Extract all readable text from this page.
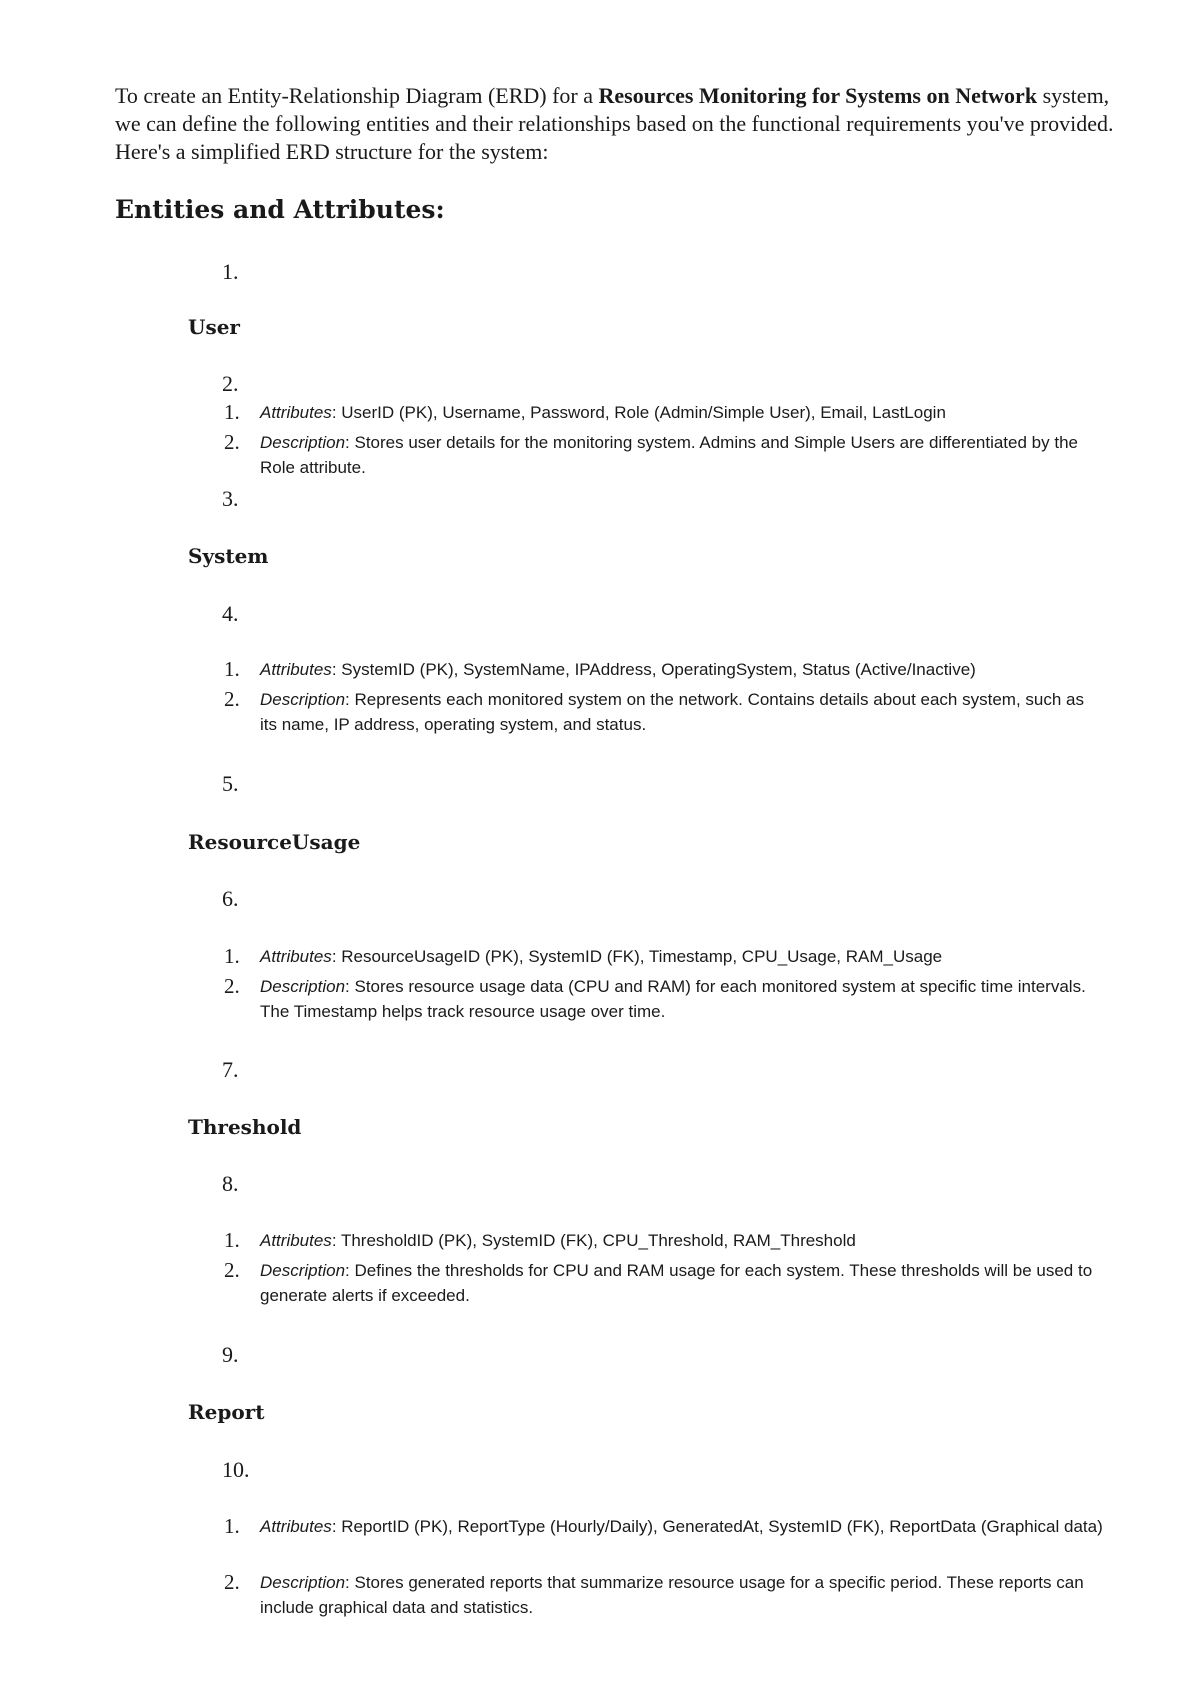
To create an Entity-Relationship Diagram (ERD) for a Resources Monitoring for Systems on Network system, we can define the following entities and their relationships based on the functional requirements you've provided. Here's a simplified ERD structure for the system:

Entities and Attributes:

1.

User

2.

1. Attributes: UserID (PK), Username, Password, Role (Admin/Simple User), Email, LastLogin
2. Description: Stores user details for the monitoring system. Admins and Simple Users are differentiated by the Role attribute.

3.

System

4.

1. Attributes: SystemID (PK), SystemName, IPAddress, OperatingSystem, Status (Active/Inactive)
2. Description: Represents each monitored system on the network. Contains details about each system, such as its name, IP address, operating system, and status.

5.

ResourceUsage

6.

1. Attributes: ResourceUsageID (PK), SystemID (FK), Timestamp, CPU_Usage, RAM_Usage
2. Description: Stores resource usage data (CPU and RAM) for each monitored system at specific time intervals. The Timestamp helps track resource usage over time.

7.

Threshold

8.

1. Attributes: ThresholdID (PK), SystemID (FK), CPU_Threshold, RAM_Threshold
2. Description: Defines the thresholds for CPU and RAM usage for each system. These thresholds will be used to generate alerts if exceeded.

9.

Report

10.

1. Attributes: ReportID (PK), ReportType (Hourly/Daily), GeneratedAt, SystemID (FK), ReportData (Graphical data)
2. Description: Stores generated reports that summarize resource usage for a specific period. These reports can include graphical data and statistics.
